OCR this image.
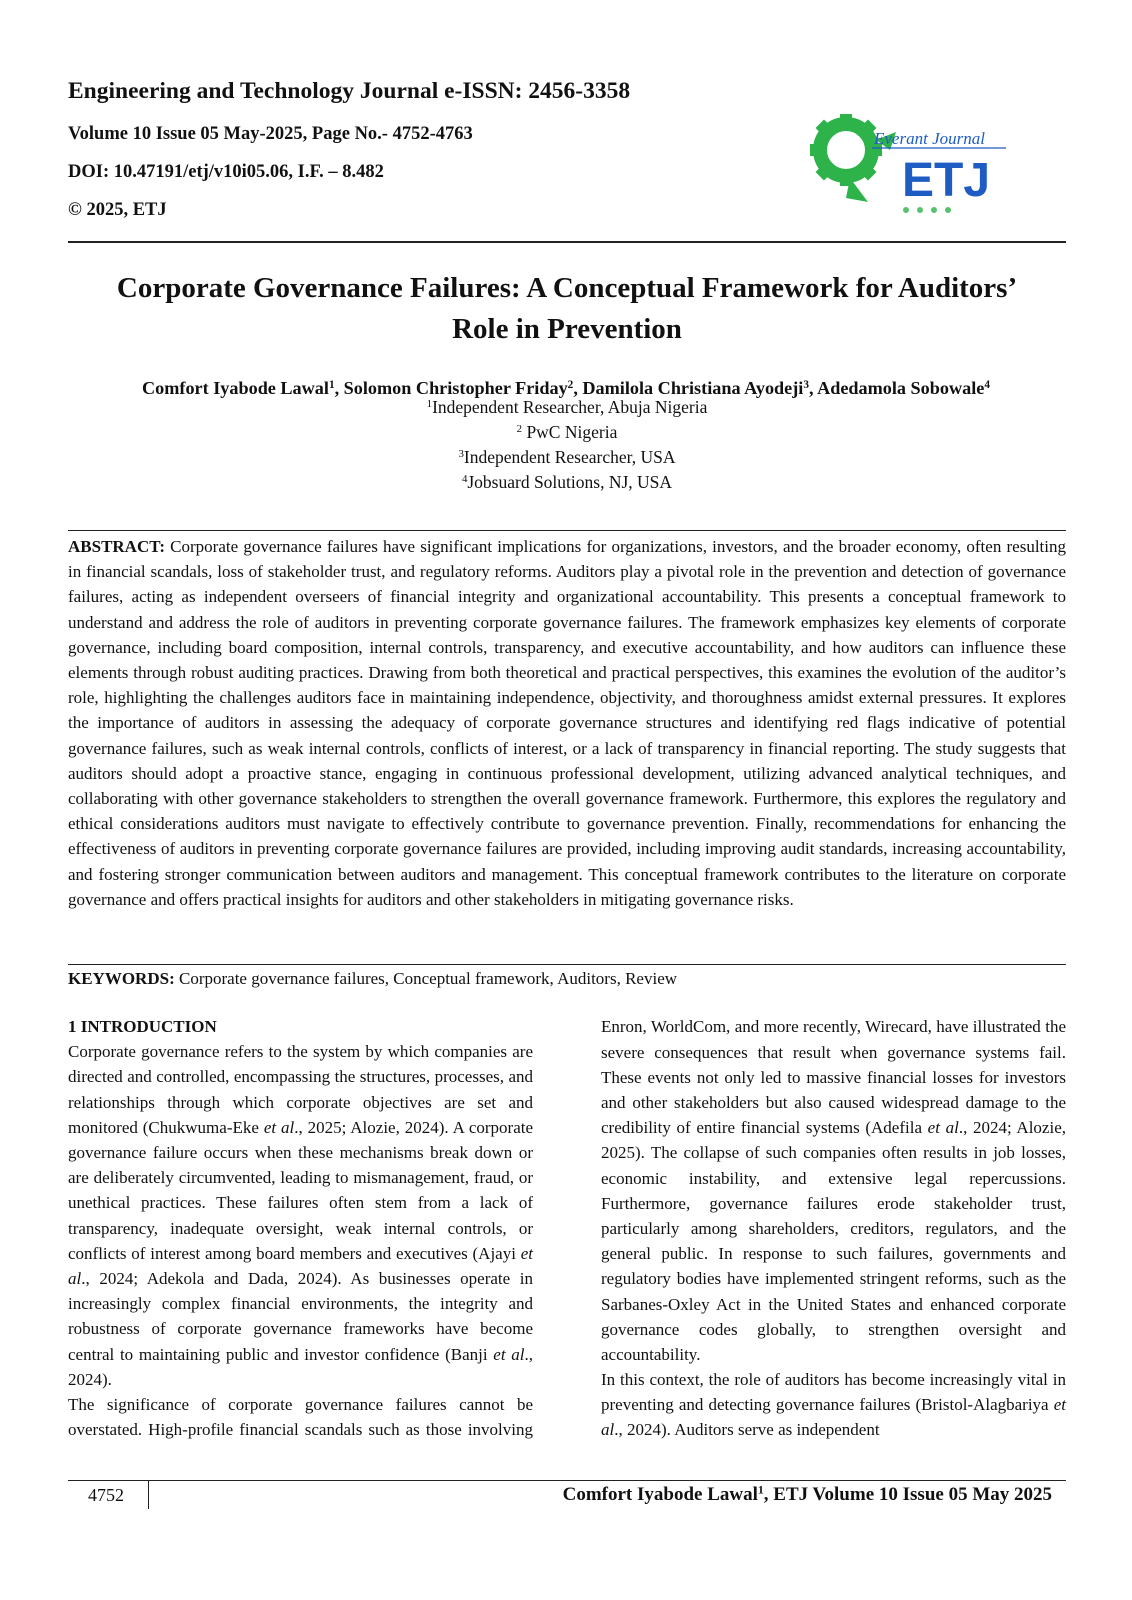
Engineering and Technology Journal e-ISSN: 2456-3358
Volume 10 Issue 05 May-2025, Page No.- 4752-4763
DOI: 10.47191/etj/v10i05.06, I.F. – 8.482
© 2025, ETJ
Everant Journal
ETJ
Corporate Governance Failures: A Conceptual Framework for Auditors’
Role in Prevention
Comfort Iyabode Lawal$^1$, Solomon Christopher Friday$^2$, Damilola Christiana Ayodeji$^3$, Adedamola Sobowale$^4$
$^1$Independent Researcher, Abuja Nigeria
$^2$ PwC Nigeria
$^3$Independent Researcher, USA
$^4$Jobsuard Solutions, NJ, USA

ABSTRACT: Corporate governance failures have significant implications for organizations, investors, and the broader economy, often resulting in financial scandals, loss of stakeholder trust, and regulatory reforms. Auditors play a pivotal role in the prevention and detection of governance failures, acting as independent overseers of financial integrity and organizational accountability. This presents a conceptual framework to understand and address the role of auditors in preventing corporate governance failures. The framework emphasizes key elements of corporate governance, including board composition, internal controls, transparency, and executive accountability, and how auditors can influence these elements through robust auditing practices. Drawing from both theoretical and practical perspectives, this examines the evolution of the auditor’s role, highlighting the challenges auditors face in maintaining independence, objectivity, and thoroughness amidst external pressures. It explores the importance of auditors in assessing the adequacy of corporate governance structures and identifying red flags indicative of potential governance failures, such as weak internal controls, conflicts of interest, or a lack of transparency in financial reporting. The study suggests that auditors should adopt a proactive stance, engaging in continuous professional development, utilizing advanced analytical techniques, and collaborating with other governance stakeholders to strengthen the overall governance framework. Furthermore, this explores the regulatory and ethical considerations auditors must navigate to effectively contribute to governance prevention. Finally, recommendations for enhancing the effectiveness of auditors in preventing corporate governance failures are provided, including improving audit standards, increasing accountability, and fostering stronger communication between auditors and management. This conceptual framework contributes to the literature on corporate governance and offers practical insights for auditors and other stakeholders in mitigating governance risks.

KEYWORDS: Corporate governance failures, Conceptual framework, Auditors, Review
1 INTRODUCTION

Corporate governance refers to the system by which companies are directed and controlled, encompassing the structures, processes, and relationships through which corporate objectives are set and monitored (Chukwuma-Eke et al., 2025; Alozie, 2024). A corporate governance failure occurs when these mechanisms break down or are deliberately circumvented, leading to mismanagement, fraud, or unethical practices. These failures often stem from a lack of transparency, inadequate oversight, weak internal controls, or conflicts of interest among board members and executives (Ajayi et al., 2024; Adekola and Dada, 2024). As businesses operate in increasingly complex financial environments, the integrity and robustness of corporate governance frameworks have become central to maintaining public and investor confidence (Banji et al., 2024).

The significance of corporate governance failures cannot be overstated. High-profile financial scandals such as those involving

Enron, WorldCom, and more recently, Wirecard, have illustrated the severe consequences that result when governance systems fail. These events not only led to massive financial losses for investors and other stakeholders but also caused widespread damage to the credibility of entire financial systems (Adefila et al., 2024; Alozie, 2025). The collapse of such companies often results in job losses, economic instability, and extensive legal repercussions. Furthermore, governance failures erode stakeholder trust, particularly among shareholders, creditors, regulators, and the general public. In response to such failures, governments and regulatory bodies have implemented stringent reforms, such as the Sarbanes-Oxley Act in the United States and enhanced corporate governance codes globally, to strengthen oversight and accountability.

In this context, the role of auditors has become increasingly vital in preventing and detecting governance failures (Bristol-Alagbariya et al., 2024). Auditors serve as independent

4752	Comfort Iyabode Lawal$^1$, ETJ Volume 10 Issue 05 May 2025
